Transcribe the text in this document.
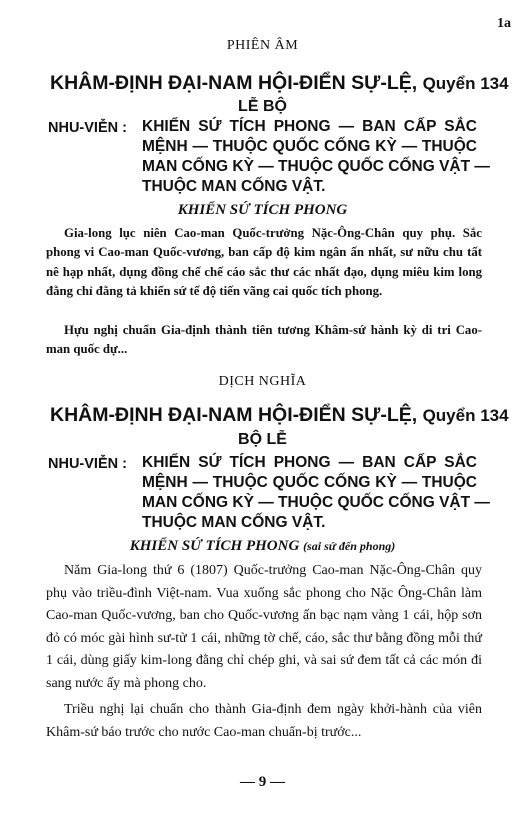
1a
PHIÊN ÂM
KHÂM-ĐỊNH ĐẠI-NAM HỘI-ĐIỂN SỰ-LỆ, Quyển 134
LỄ BỘ
NHU-VIỄN : KHIỂN SỨ TÍCH PHONG — BAN CẤP SẮC
MỆNH — THUỘC QUỐC CỐNG KỲ — THUỘC
MAN CỐNG KỲ — THUỘC QUỐC CỐNG VẬT —
THUỘC MAN CỐNG VẬT.
KHIỂN SỨ TÍCH PHONG
Gia-long lục niên Cao-man Quốc-trưởng Nặc-Ông-Chân quy phụ. Sắc phong vi Cao-man Quốc-vương, ban cấp độ kim ngân ấn nhất, sư nữu chu tất nê hạp nhất, dụng đồng chế chế cáo sắc thư các nhất đạo, dụng miêu kim long đằng chỉ đằng tả khiển sứ tế độ tiến vãng cai quốc tích phong.
Hựu nghị chuẩn Gia-định thành tiên tương Khâm-sứ hành kỳ di tri Cao-man quốc dự...
DỊCH NGHĨA
KHÂM-ĐỊNH ĐẠI-NAM HỘI-ĐIỂN SỰ-LỆ, Quyển 134
BỘ LỄ
NHU-VIỄN : KHIỂN SỨ TÍCH PHONG — BAN CẤP SẮC
MỆNH — THUỘC QUỐC CỐNG KỲ — THUỘC
MAN CỐNG KỲ — THUỘC QUỐC CỐNG VẬT —
THUỘC MAN CỐNG VẬT.
KHIỂN SỨ TÍCH PHONG (sai sứ đến phong)
Năm Gia-long thứ 6 (1807) Quốc-trưởng Cao-man Nặc-Ông-Chân quy phụ vào triều-đình Việt-nam. Vua xuống sắc phong cho Nặc Ông-Chân làm Cao-man Quốc-vương, ban cho Quốc-vương ấn bạc nạm vàng 1 cái, hộp sơn đỏ có móc gài hình sư-tử 1 cái, những tờ chế, cáo, sắc thư bằng đồng mỗi thứ 1 cái, dùng giấy kim-long đằng chỉ chép ghi, và sai sứ đem tất cả các món đi sang nước ấy mà phong cho.
Triều nghị lại chuẩn cho thành Gia-định đem ngày khởi-hành của viên Khâm-sứ báo trước cho nước Cao-man chuẩn-bị trước...
— 9 —
